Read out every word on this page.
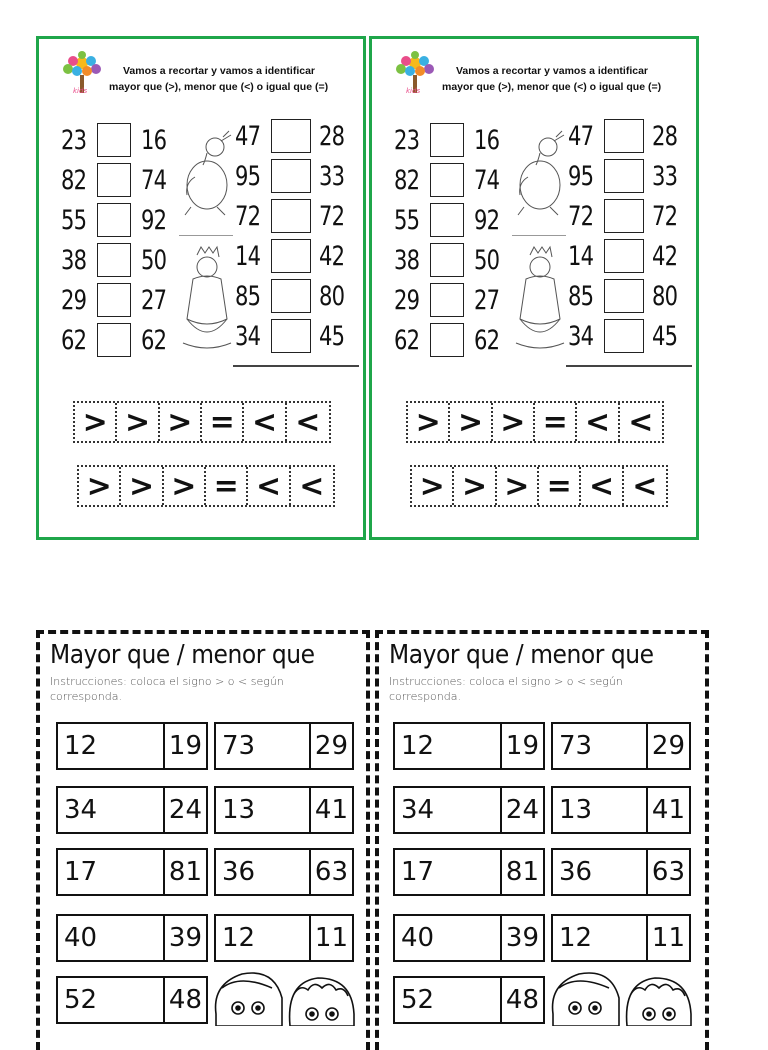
kids
Vamos a recortar y vamos a identificar
mayor que (>), menor que (<) o igual que (=)
23 16
82 74
55 92
38 50
29 27
62 62
47 28
95 33
72 72
14 42
85 80
34 45
> > > = < <
> > > = < <
kids
Vamos a recortar y vamos a identificar
mayor que (>), menor que (<) o igual que (=)
23 16
82 74
55 92
38 50
29 27
62 62
47 28
95 33
72 72
14 42
85 80
34 45
> > > = < <
> > > = < <
Mayor que / menor que
Instrucciones: coloca el signo > o < según corresponda.
12	19 73 29
34	24 13 41
17	81 36 63
40	39 12 11
52	48
Mayor que / menor que
Instrucciones: coloca el signo > o < según corresponda.
12	19 73 29
34	24 13 41
17	81 36 63
40	39 12 11
52	48
